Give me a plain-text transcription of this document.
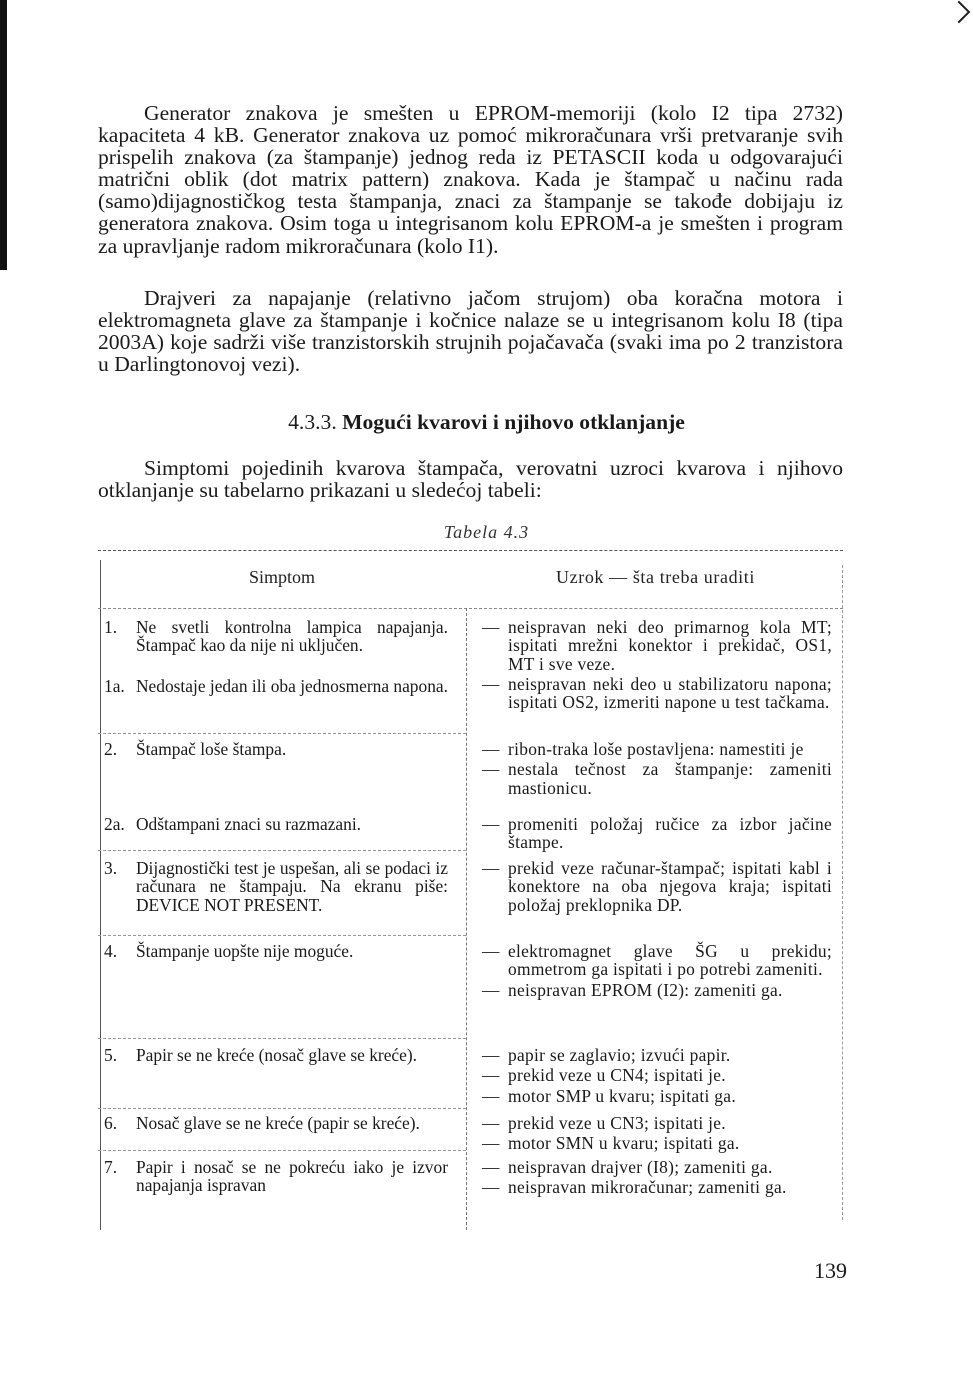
Generator znakova je smešten u EPROM-memoriji (kolo I2 tipa 2732) kapaciteta 4 kB. Generator znakova uz pomoć mikroračunara vrši pretvaranje svih prispelih znakova (za štampanje) jednog reda iz PETASCII koda u odgovarajući matrični oblik (dot matrix pattern) znakova. Kada je štampač u načinu rada (samo)dijagnostičkog testa štampanja, znaci za štampanje se takođe dobijaju iz generatora znakova. Osim toga u integrisanom kolu EPROM-a je smešten i program za upravljanje radom mikroračunara (kolo I1).

Drajveri za napajanje (relativno jačom strujom) oba koračna motora i elektromagneta glave za štampanje i kočnice nalaze se u integrisanom kolu I8 (tipa 2003A) koje sadrži više tranzistorskih strujnih pojačavača (svaki ima po 2 tranzistora u Darlingtonovoj vezi).

4.3.3. Mogući kvarovi i njihovo otklanjanje

Simptomi pojedinih kvarova štampača, verovatni uzroci kvarova i njihovo otklanjanje su tabelarno prikazani u sledećoj tabeli:

Tabela 4.3
Simptom	Uzrok — šta treba uraditi
1. Ne svetli kontrolna lampica napajanja. Štampač kao da nije ni uključen.
1a. Nedostaje jedan ili oba jednosmerna napona.
2. Štampač loše štampa.
2a. Odštampani znaci su razmazani.
3. Dijagnostički test je uspešan, ali se podaci iz računara ne štampaju. Na ekranu piše: DEVICE NOT PRESENT.
4. Štampanje uopšte nije moguće.
5. Papir se ne kreće (nosač glave se kreće).
6. Nosač glave se ne kreće (papir se kreće).
7. Papir i nosač se ne pokreću iako je izvor napajanja ispravan
— neispravan neki deo primarnog kola MT; ispitati mrežni konektor i prekidač, OS1, MT i sve veze.
— neispravan neki deo u stabilizatoru napona; ispitati OS2, izmeriti napone u test tačkama.
— ribon-traka loše postavljena: namestiti je
— nestala tečnost za štampanje: zameniti mastionicu.
— promeniti položaj ručice za izbor jačine štampe.
— prekid veze računar-štampač; ispitati kabl i konektore na oba njegova kraja; ispitati položaj preklopnika DP.
— elektromagnet glave ŠG u prekidu; ommetrom ga ispitati i po potrebi zameniti.
— neispravan EPROM (I2): zameniti ga.
— papir se zaglavio; izvući papir.
— prekid veze u CN4; ispitati je.
— motor SMP u kvaru; ispitati ga.
— prekid veze u CN3; ispitati je.
— motor SMN u kvaru; ispitati ga.
— neispravan drajver (I8); zameniti ga.
— neispravan mikroračunar; zameniti ga.
139
